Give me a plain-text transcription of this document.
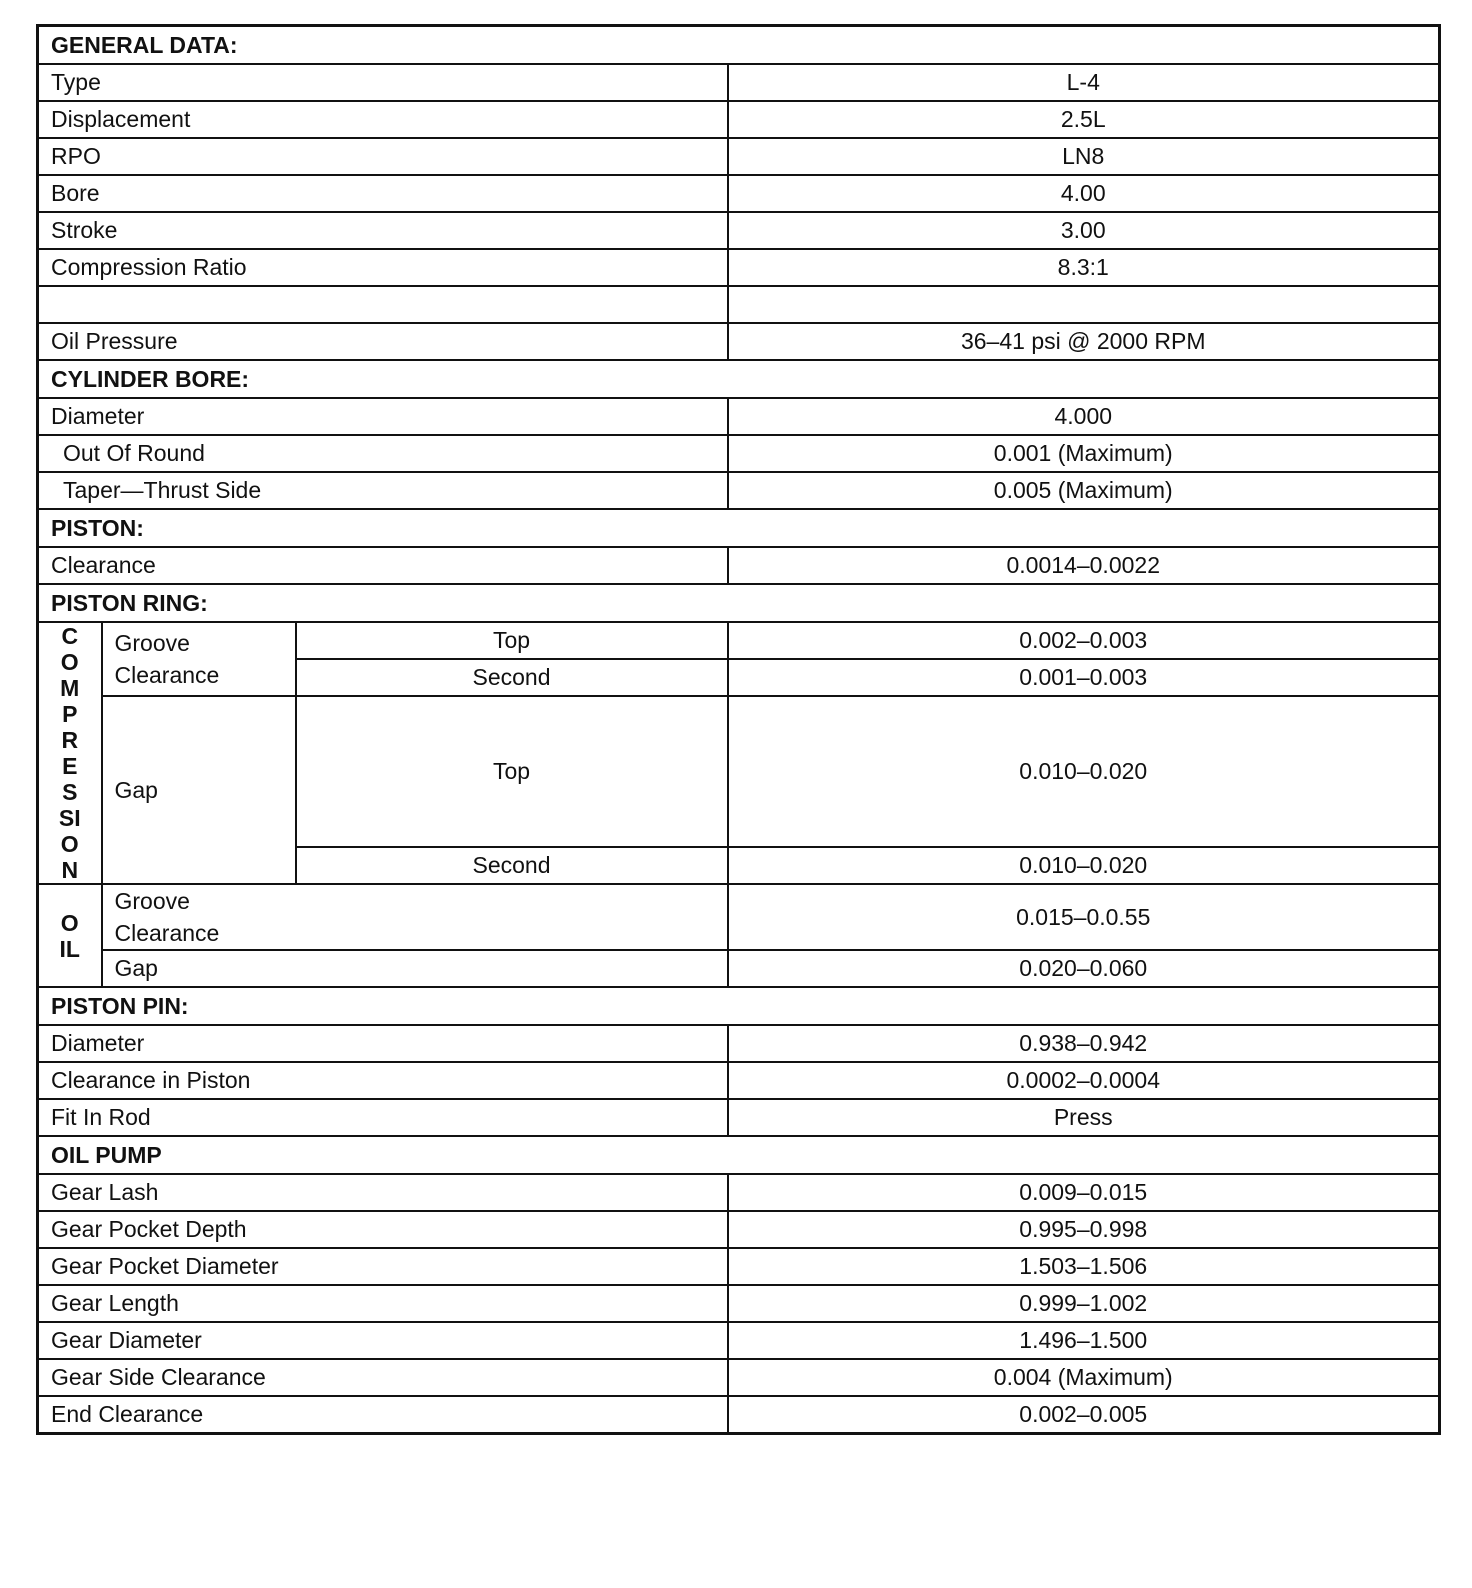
GENERAL DATA:			
Type			L-4
Displacement			2.5L
RPO			LN8
Bore			4.00
Stroke			3.00
Compression Ratio			8.3:1

Oil Pressure			36–41 psi @ 2000 RPM
CYLINDER BORE:			
Diameter			4.000
Out Of Round			0.001 (Maximum)
Taper—Thrust Side			0.005 (Maximum)
PISTON:			
Clearance			0.0014–0.0022
PISTON RING:			
COMPRESSION	Groove Clearance	Top	0.002–0.003
		Second	0.001–0.003
	Gap	Top	0.010–0.020
		Second	0.010–0.020
OIL	Groove Clearance		0.015–0.0.55
	Gap		0.020–0.060
PISTON PIN:			
Diameter			0.938–0.942
Clearance in Piston			0.0002–0.0004
Fit In Rod			Press
OIL PUMP			
Gear Lash			0.009–0.015
Gear Pocket Depth			0.995–0.998
Gear Pocket Diameter			1.503–1.506
Gear Length			0.999–1.002
Gear Diameter			1.496–1.500
Gear Side Clearance			0.004 (Maximum)
End Clearance			0.002–0.005
